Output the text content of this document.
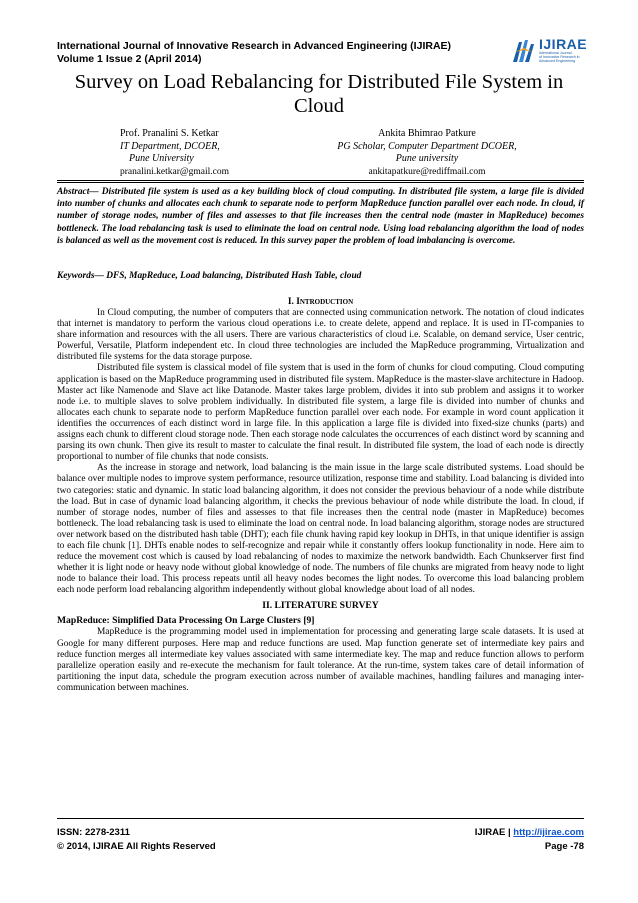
International Journal of Innovative Research in Advanced Engineering (IJIRAE)
Volume 1 Issue 2 (April 2014)
IJIRAE
International Journal
of Innovative Research in
Advanced Engineering
Survey on Load Rebalancing for Distributed File System in
Cloud
Prof. Pranalini S. Ketkar
IT Department, DCOER,
Pune University
pranalini.ketkar@gmail.com
Ankita Bhimrao Patkure
PG Scholar, Computer Department DCOER,
Pune university
ankitapatkure@rediffmail.com
Abstract— Distributed file system is used as a key building block of cloud computing. In distributed file system, a large file is divided into number of chunks and allocates each chunk to separate node to perform MapReduce function parallel over each node. In cloud, if number of storage nodes, number of files and assesses to that file increases then the central node (master in MapReduce) becomes bottleneck. The load rebalancing task is used to eliminate the load on central node. Using load rebalancing algorithm the load of nodes is balanced as well as the movement cost is reduced. In this survey paper the problem of load imbalancing is overcome.
Keywords— DFS, MapReduce, Load balancing, Distributed Hash Table, cloud
I. Introduction

In Cloud computing, the number of computers that are connected using communication network. The notation of cloud indicates that internet is mandatory to perform the various cloud operations i.e. to create delete, append and replace. It is used in IT-companies to share information and resources with the all users. There are various characteristics of cloud i.e. Scalable, on demand service, User centric, Powerful, Versatile, Platform independent etc. In cloud three technologies are included the MapReduce programming, Virtualization and distributed file systems for the data storage purpose.

Distributed file system is classical model of file system that is used in the form of chunks for cloud computing. Cloud computing application is based on the MapReduce programming used in distributed file system. MapReduce is the master-slave architecture in Hadoop. Master act like Namenode and Slave act like Datanode. Master takes large problem, divides it into sub problem and assigns it to worker node i.e. to multiple slaves to solve problem individually. In distributed file system, a large file is divided into number of chunks and allocates each chunk to separate node to perform MapReduce function parallel over each node. For example in word count application it identifies the occurrences of each distinct word in large file. In this application a large file is divided into fixed-size chunks (parts) and assigns each chunk to different cloud storage node. Then each storage node calculates the occurrences of each distinct word by scanning and parsing its own chunk. Then give its result to master to calculate the final result. In distributed file system, the load of each node is directly proportional to number of file chunks that node consists.

As the increase in storage and network, load balancing is the main issue in the large scale distributed systems. Load should be balance over multiple nodes to improve system performance, resource utilization, response time and stability. Load balancing is divided into two categories: static and dynamic. In static load balancing algorithm, it does not consider the previous behaviour of a node while distribute the load. But in case of dynamic load balancing algorithm, it checks the previous behaviour of node while distribute the load. In cloud, if number of storage nodes, number of files and assesses to that file increases then the central node (master in MapReduce) becomes bottleneck. The load rebalancing task is used to eliminate the load on central node. In load balancing algorithm, storage nodes are structured over network based on the distributed hash table (DHT); each file chunk having rapid key lookup in DHTs, in that unique identifier is assign to each file chunk [1]. DHTs enable nodes to self-recognize and repair while it constantly offers lookup functionality in node. Here aim to reduce the movement cost which is caused by load rebalancing of nodes to maximize the network bandwidth. Each Chunkserver first find whether it is light node or heavy node without global knowledge of node. The numbers of file chunks are migrated from heavy node to light node to balance their load. This process repeats until all heavy nodes becomes the light nodes. To overcome this load balancing problem each node perform load rebalancing algorithm independently without global knowledge about load of all nodes.

II. LITERATURE SURVEY
MapReduce: Simplified Data Processing On Large Clusters [9]

MapReduce is the programming model used in implementation for processing and generating large scale datasets. It is used at Google for many different purposes. Here map and reduce functions are used. Map function generate set of intermediate key pairs and reduce function merges all intermediate key values associated with same intermediate key. The map and reduce function allows to perform parallelize operation easily and re-execute the mechanism for fault tolerance. At the run-time, system takes care of detail information of partitioning the input data, schedule the program execution across number of available machines, handling failures and managing inter-communication between machines.

ISSN: 2278-2311
© 2014, IJIRAE All Rights Reserved
IJIRAE | http://ijirae.com
Page -78
